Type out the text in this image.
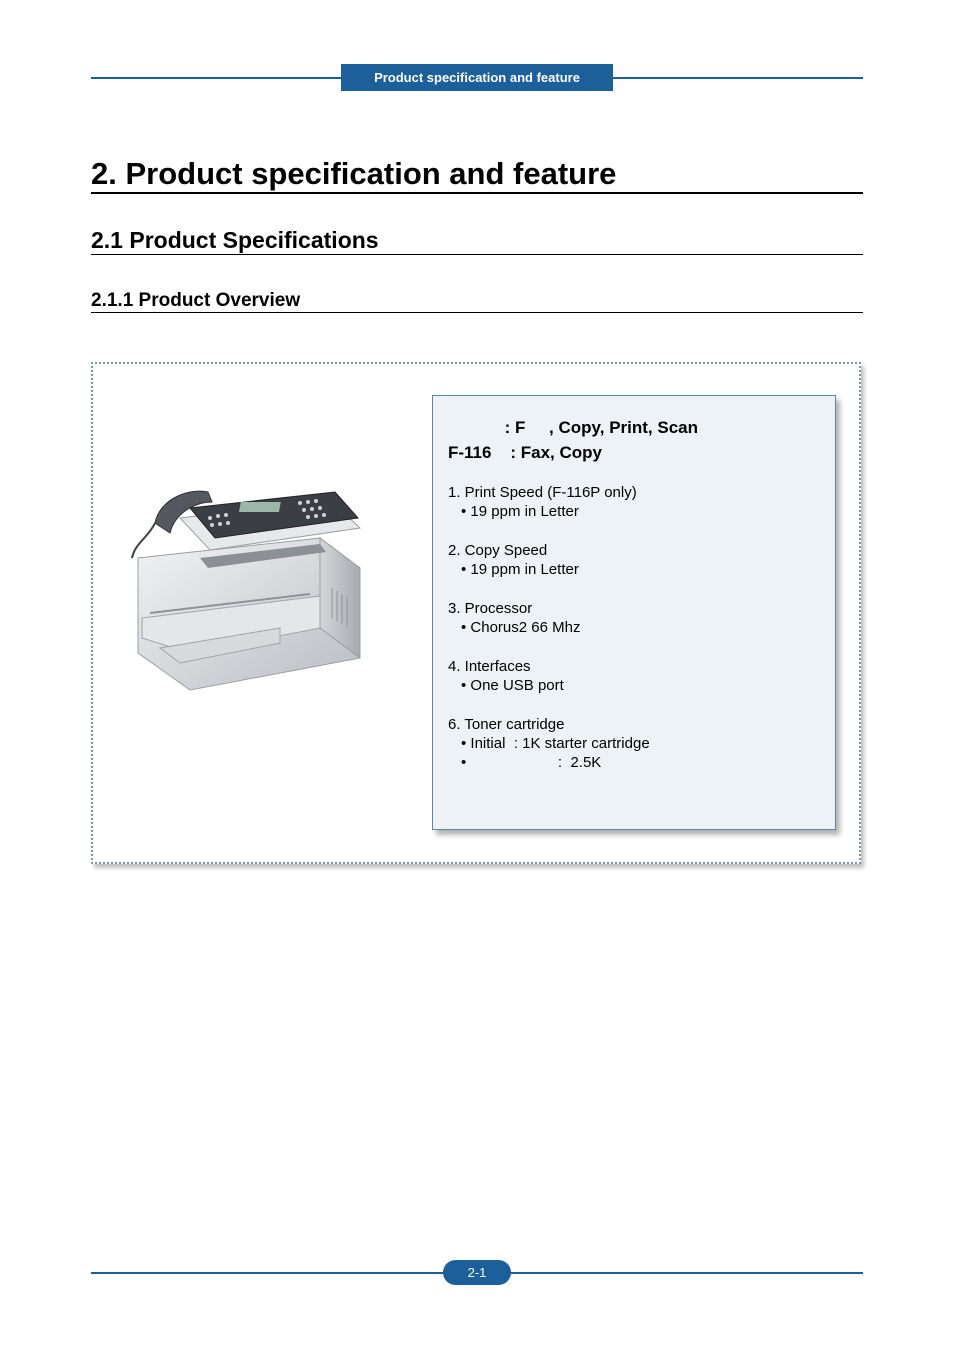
Product specification and feature
2. Product specification and feature
2.1 Product Specifications
2.1.1 Product Overview
: F     , Copy, Print, Scan
F-116    : Fax, Copy
1. Print Speed (F-116P only)
• 19 ppm in Letter
2. Copy Speed
• 19 ppm in Letter
3. Processor
• Chorus2 66 Mhz
4. Interfaces
• One USB port
6. Toner cartridge
• Initial  : 1K starter cartridge
•                      :  2.5K
2-1
